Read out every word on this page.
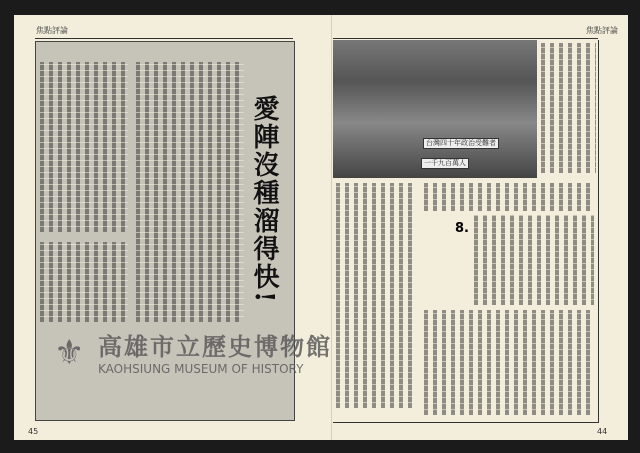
焦點評論	焦點評論
愛陣沒種溜得快!	台灣四十年政治受難者
一千九百萬人
8.
⚜ 高雄市立歷史博物館
KAOHSIUNG MUSEUM OF HISTORY
45	44
